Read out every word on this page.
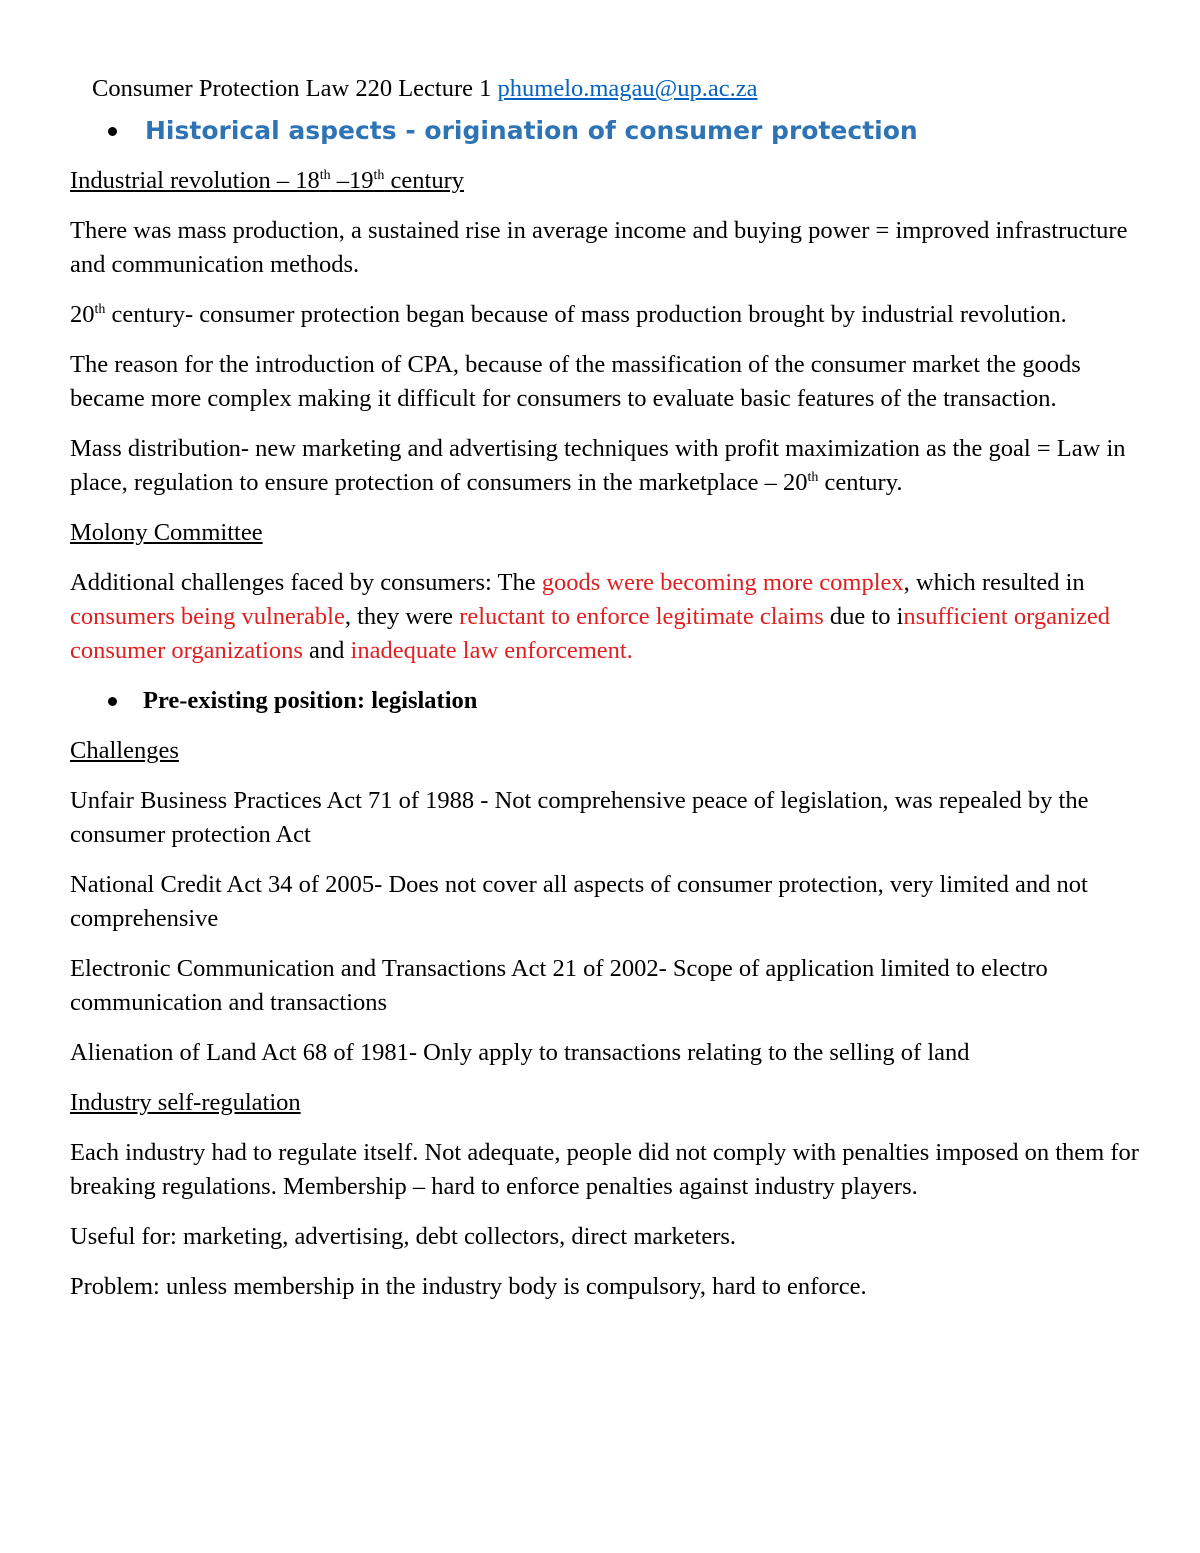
Consumer Protection Law 220 Lecture 1 phumelo.magau@up.ac.za

Historical aspects - origination of consumer protection

Industrial revolution – 18th –19th century

There was mass production, a sustained rise in average income and buying power = improved infrastructure and communication methods.

20th century- consumer protection began because of mass production brought by industrial revolution.

The reason for the introduction of CPA, because of the massification of the consumer market the goods became more complex making it difficult for consumers to evaluate basic features of the transaction.

Mass distribution- new marketing and advertising techniques with profit maximization as the goal = Law in place, regulation to ensure protection of consumers in the marketplace – 20th century.

Molony Committee

Additional challenges faced by consumers: The goods were becoming more complex, which resulted in consumers being vulnerable, they were reluctant to enforce legitimate claims due to insufficient organized consumer organizations and inadequate law enforcement.

Pre-existing position: legislation

Challenges

Unfair Business Practices Act 71 of 1988 - Not comprehensive peace of legislation, was repealed by the consumer protection Act

National Credit Act 34 of 2005- Does not cover all aspects of consumer protection, very limited and not comprehensive

Electronic Communication and Transactions Act 21 of 2002- Scope of application limited to electro communication and transactions

Alienation of Land Act 68 of 1981- Only apply to transactions relating to the selling of land

Industry self-regulation

Each industry had to regulate itself. Not adequate, people did not comply with penalties imposed on them for breaking regulations. Membership – hard to enforce penalties against industry players.

Useful for: marketing, advertising, debt collectors, direct marketers.

Problem: unless membership in the industry body is compulsory, hard to enforce.
